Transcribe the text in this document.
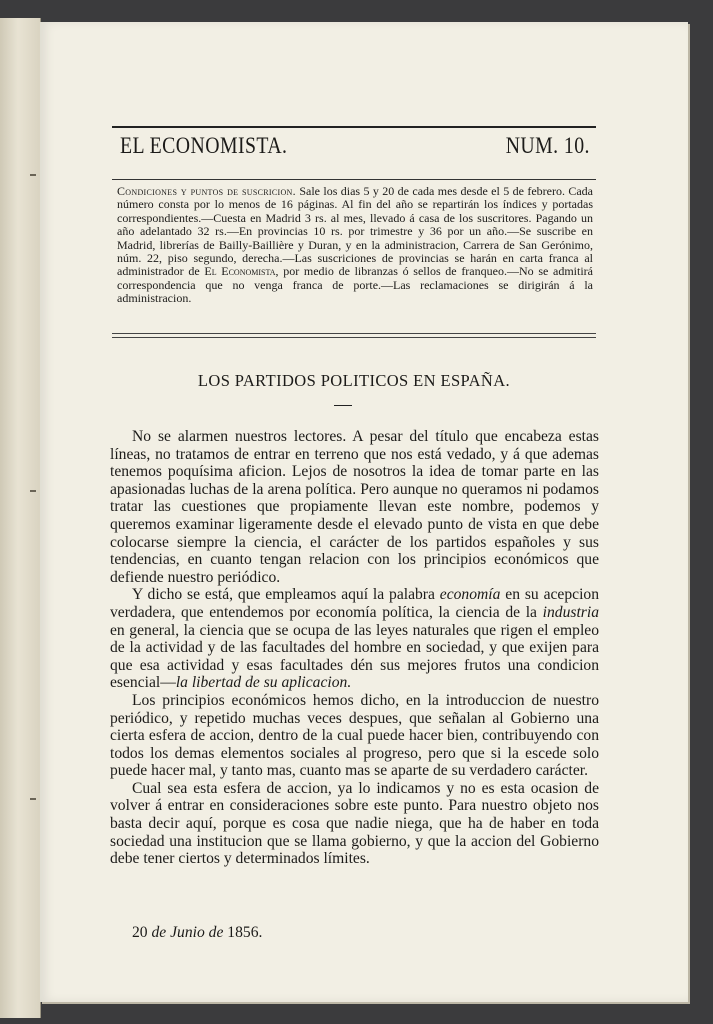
EL ECONOMISTA.	NUM. 10.
Condiciones y puntos de suscricion. Sale los dias 5 y 20 de cada mes desde el 5 de febrero. Cada número consta por lo menos de 16 páginas. Al fin del año se repartirán los índices y portadas correspondientes.—Cuesta en Madrid 3 rs. al mes, llevado á casa de los suscritores. Pagando un año adelantado 32 rs.—En provincias 10 rs. por trimestre y 36 por un año.—Se suscribe en Madrid, librerías de Bailly-Baillière y Duran, y en la administracion, Carrera de San Gerónimo, núm. 22, piso segundo, derecha.—Las suscriciones de provincias se harán en carta franca al administrador de El Economista, por medio de libranzas ó sellos de franqueo.—No se admitirá correspondencia que no venga franca de porte.—Las reclamaciones se dirigirán á la administracion.
LOS PARTIDOS POLITICOS EN ESPAÑA.

No se alarmen nuestros lectores. A pesar del título que encabeza estas líneas, no tratamos de entrar en terreno que nos está vedado, y á que ademas tenemos poquísima aficion. Lejos de nosotros la idea de tomar parte en las apasionadas luchas de la arena política. Pero aunque no queramos ni podamos tratar las cuestiones que propiamente llevan este nombre, podemos y queremos examinar ligeramente desde el elevado punto de vista en que debe colocarse siempre la ciencia, el carácter de los partidos españoles y sus tendencias, en cuanto tengan relacion con los principios económicos que defiende nuestro periódico.

Y dicho se está, que empleamos aquí la palabra economía en su acepcion verdadera, que entendemos por economía política, la ciencia de la industria en general, la ciencia que se ocupa de las leyes naturales que rigen el empleo de la actividad y de las facultades del hombre en sociedad, y que exijen para que esa actividad y esas facultades dén sus mejores frutos una condicion esencial—la libertad de su aplicacion.

Los principios económicos hemos dicho, en la introduccion de nuestro periódico, y repetido muchas veces despues, que señalan al Gobierno una cierta esfera de accion, dentro de la cual puede hacer bien, contribuyendo con todos los demas elementos sociales al progreso, pero que si la escede solo puede hacer mal, y tanto mas, cuanto mas se aparte de su verdadero carácter.

Cual sea esta esfera de accion, ya lo indicamos y no es esta ocasion de volver á entrar en consideraciones sobre este punto. Para nuestro objeto nos basta decir aquí, porque es cosa que nadie niega, que ha de haber en toda sociedad una institucion que se llama gobierno, y que la accion del Gobierno debe tener ciertos y determinados límites.

20 de Junio de 1856.
